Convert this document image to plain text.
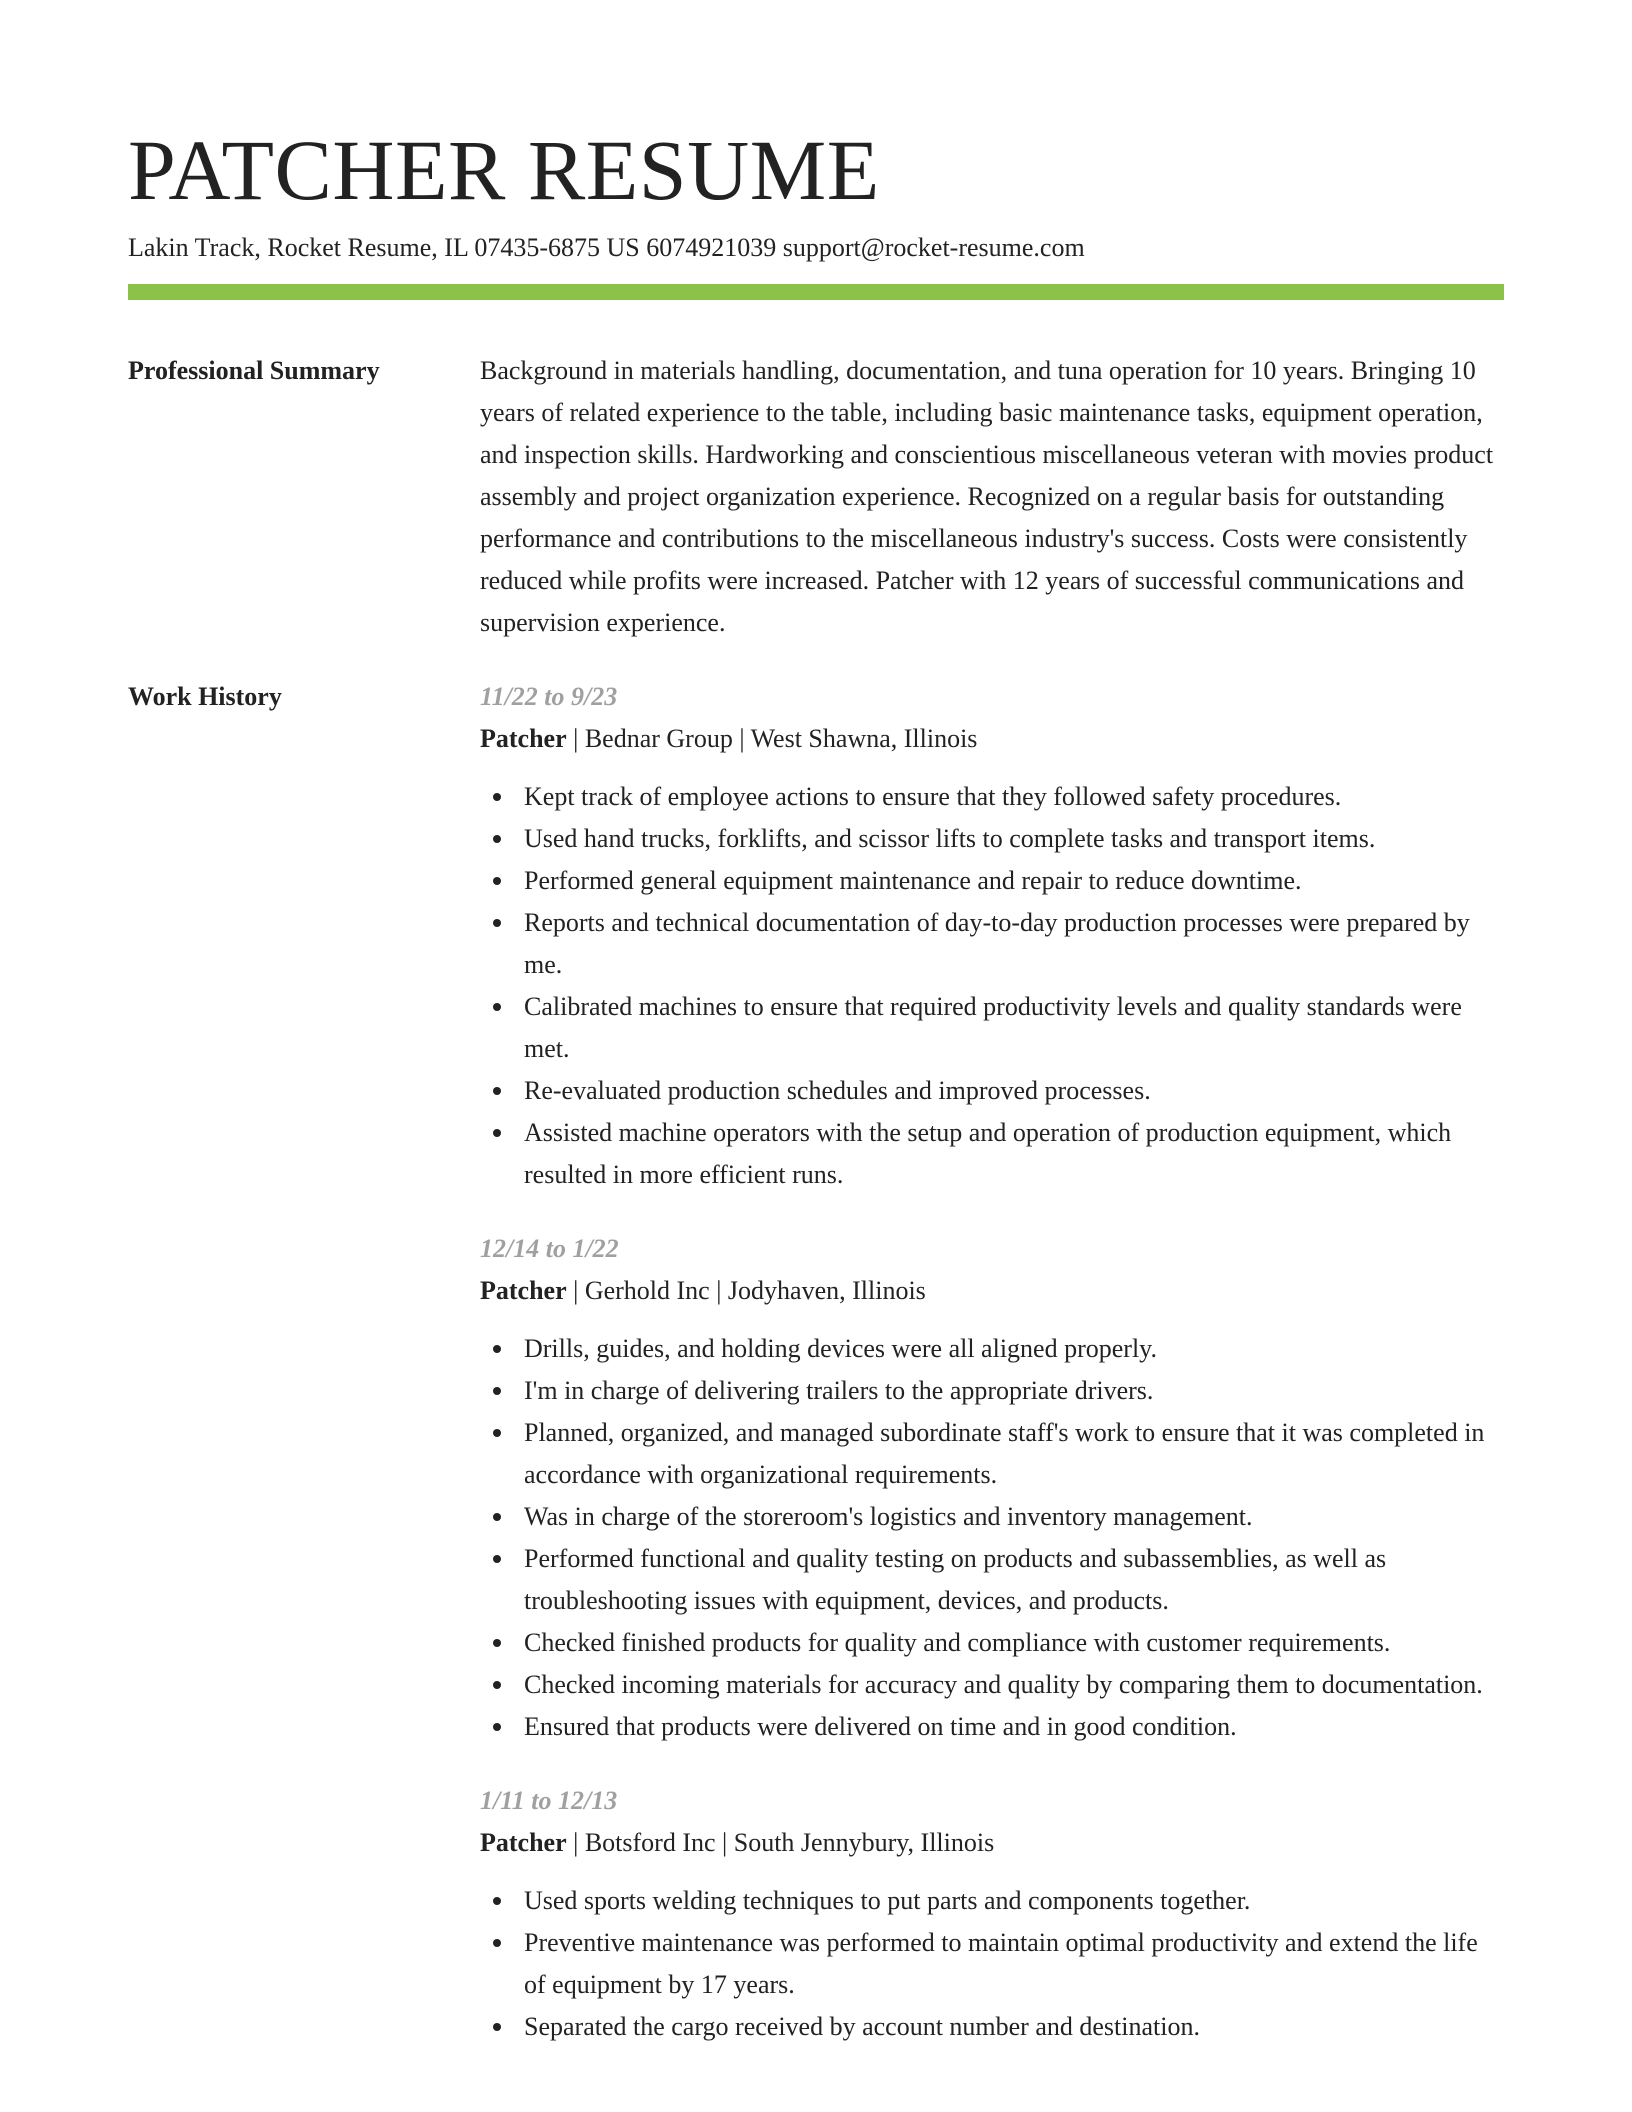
PATCHER RESUME
Lakin Track, Rocket Resume, IL 07435-6875 US 6074921039 support@rocket-resume.com
Professional Summary	Background in materials handling, documentation, and tuna operation for 10 years. Bringing 10 years of related experience to the table, including basic maintenance tasks, equipment operation, and inspection skills. Hardworking and conscientious miscellaneous veteran with movies product assembly and project organization experience. Recognized on a regular basis for outstanding performance and contributions to the miscellaneous industry's success. Costs were consistently reduced while profits were increased. Patcher with 12 years of successful communications and supervision experience.

Work History	11/22 to 9/23
Patcher | Bednar Group | West Shawna, Illinois
Kept track of employee actions to ensure that they followed safety procedures.
Used hand trucks, forklifts, and scissor lifts to complete tasks and transport items.
Performed general equipment maintenance and repair to reduce downtime.
Reports and technical documentation of day-to-day production processes were prepared by me.
Calibrated machines to ensure that required productivity levels and quality standards were met.
Re-evaluated production schedules and improved processes.
Assisted machine operators with the setup and operation of production equipment, which resulted in more efficient runs.
12/14 to 1/22
Patcher | Gerhold Inc | Jodyhaven, Illinois
Drills, guides, and holding devices were all aligned properly.
I'm in charge of delivering trailers to the appropriate drivers.
Planned, organized, and managed subordinate staff's work to ensure that it was completed in accordance with organizational requirements.
Was in charge of the storeroom's logistics and inventory management.
Performed functional and quality testing on products and subassemblies, as well as troubleshooting issues with equipment, devices, and products.
Checked finished products for quality and compliance with customer requirements.
Checked incoming materials for accuracy and quality by comparing them to documentation.
Ensured that products were delivered on time and in good condition.
1/11 to 12/13
Patcher | Botsford Inc | South Jennybury, Illinois
Used sports welding techniques to put parts and components together.
Preventive maintenance was performed to maintain optimal productivity and extend the life of equipment by 17 years.
Separated the cargo received by account number and destination.
